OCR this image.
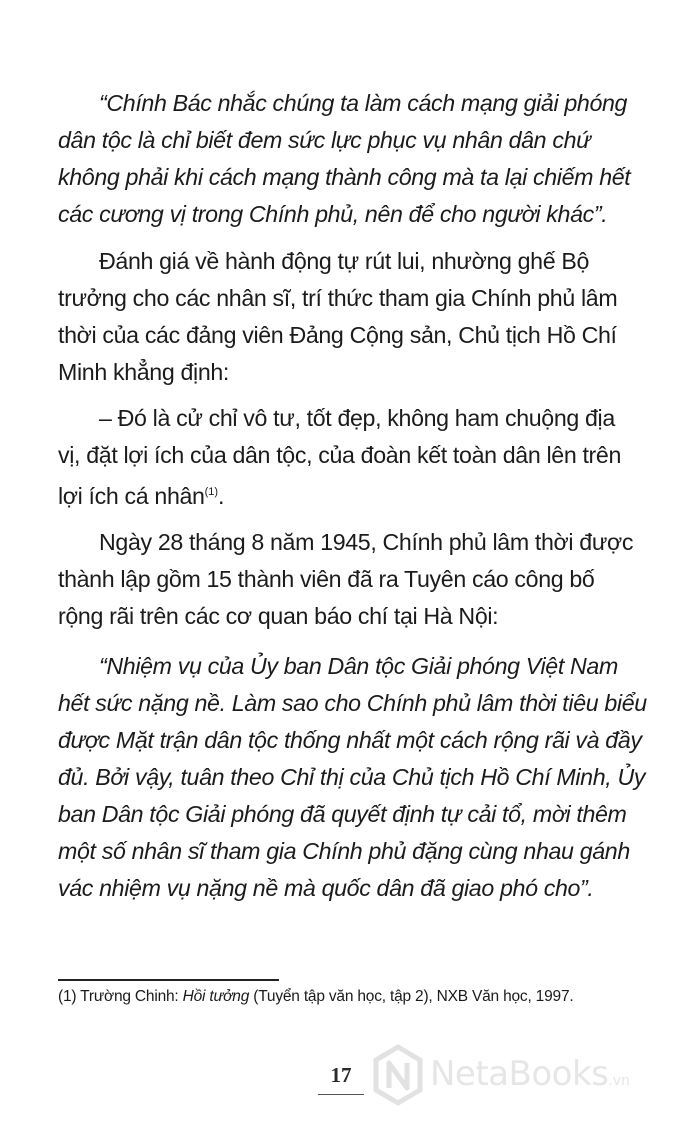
“Chính Bác nhắc chúng ta làm cách mạng giải phóng
dân tộc là chỉ biết đem sức lực phục vụ nhân dân chứ
không phải khi cách mạng thành công mà ta lại chiếm hết
các cương vị trong Chính phủ, nên để cho người khác”.

Đánh giá về hành động tự rút lui, nhường ghế Bộ
trưởng cho các nhân sĩ, trí thức tham gia Chính phủ lâm
thời của các đảng viên Đảng Cộng sản, Chủ tịch Hồ Chí
Minh khẳng định:

– Đó là cử chỉ vô tư, tốt đẹp, không ham chuộng địa
vị, đặt lợi ích của dân tộc, của đoàn kết toàn dân lên trên
lợi ích cá nhân$^{(1)}$.

Ngày 28 tháng 8 năm 1945, Chính phủ lâm thời được
thành lập gồm 15 thành viên đã ra Tuyên cáo công bố
rộng rãi trên các cơ quan báo chí tại Hà Nội:

“Nhiệm vụ của Ủy ban Dân tộc Giải phóng Việt Nam
hết sức nặng nề. Làm sao cho Chính phủ lâm thời tiêu biểu
được Mặt trận dân tộc thống nhất một cách rộng rãi và đầy
đủ. Bởi vậy, tuân theo Chỉ thị của Chủ tịch Hồ Chí Minh, Ủy
ban Dân tộc Giải phóng đã quyết định tự cải tổ, mời thêm
một số nhân sĩ tham gia Chính phủ đặng cùng nhau gánh
vác nhiệm vụ nặng nề mà quốc dân đã giao phó cho”.

(1) Trường Chinh: Hồi tưởng (Tuyển tập văn học, tập 2), NXB Văn học, 1997.

17	NetaBooks.vn
